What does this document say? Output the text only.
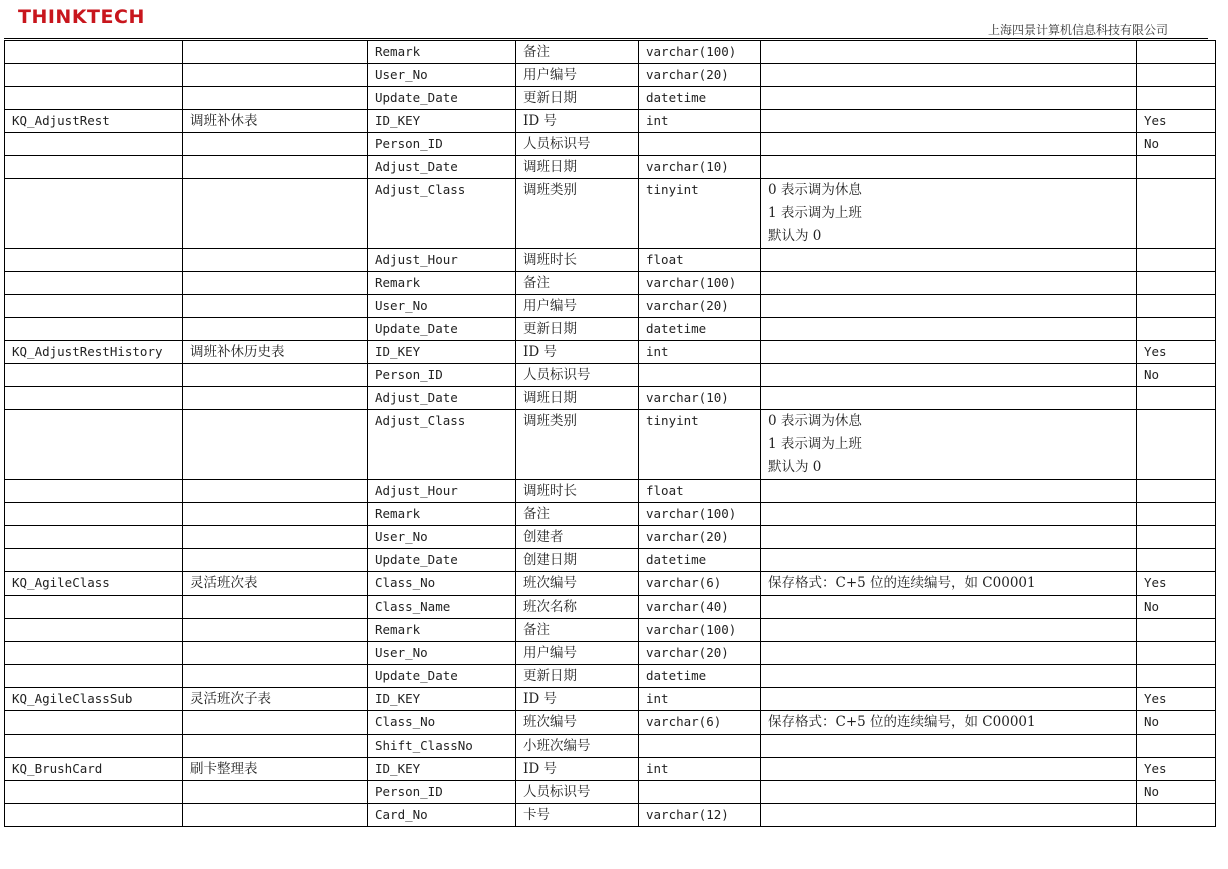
THINKTECH
上海四景计算机信息科技有限公司
		Remark	备注	varchar(100)		
		User_No	用户编号	varchar(20)		
		Update_Date	更新日期	datetime		
KQ_AdjustRest	调班补休表	ID_KEY	ID 号	int		Yes
		Person_ID	人员标识号			No
		Adjust_Date	调班日期	varchar(10)		
		Adjust_Class	调班类别	tinyint	0 表示调为休息
1 表示调为上班
默认为 0	

		Adjust_Hour	调班时长	float		
		Remark	备注	varchar(100)		
		User_No	用户编号	varchar(20)		
		Update_Date	更新日期	datetime		
KQ_AdjustRestHistory	调班补休历史表	ID_KEY	ID 号	int		Yes
		Person_ID	人员标识号			No
		Adjust_Date	调班日期	varchar(10)		
		Adjust_Class	调班类别	tinyint	0 表示调为休息
1 表示调为上班
默认为 0	

		Adjust_Hour	调班时长	float		
		Remark	备注	varchar(100)		
		User_No	创建者	varchar(20)		
		Update_Date	创建日期	datetime		
KQ_AgileClass	灵活班次表	Class_No	班次编号	varchar(6)	保存格式：C+5 位的连续编号，如 C00001	Yes
		Class_Name	班次名称	varchar(40)		No
		Remark	备注	varchar(100)		
		User_No	用户编号	varchar(20)		
		Update_Date	更新日期	datetime		
KQ_AgileClassSub	灵活班次子表	ID_KEY	ID 号	int		Yes
		Class_No	班次编号	varchar(6)	保存格式：C+5 位的连续编号，如 C00001	No
		Shift_ClassNo	小班次编号			
KQ_BrushCard	刷卡整理表	ID_KEY	ID 号	int		Yes
		Person_ID	人员标识号			No
		Card_No	卡号	varchar(12)		
